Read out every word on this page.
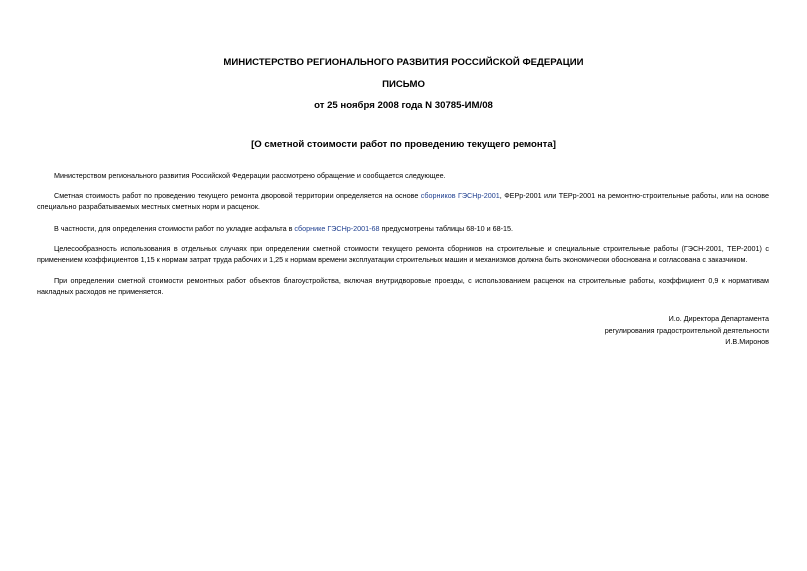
МИНИСТЕРСТВО РЕГИОНАЛЬНОГО РАЗВИТИЯ РОССИЙСКОЙ ФЕДЕРАЦИИ
ПИСЬМО
от 25 ноября 2008 года N 30785-ИМ/08
[О сметной стоимости работ по проведению текущего ремонта]

Министерством регионального развития Российской Федерации рассмотрено обращение и сообщается следующее.

Сметная стоимость работ по проведению текущего ремонта дворовой территории определяется на основе сборников ГЭСНр-2001, ФЕРр-2001 или ТЕРр-2001 на ремонтно-строительные работы, или на основе специально разрабатываемых местных сметных норм и расценок.

В частности, для определения стоимости работ по укладке асфальта в сборнике ГЭСНр-2001-68 предусмотрены таблицы 68-10 и 68-15.

Целесообразность использования в отдельных случаях при определении сметной стоимости текущего ремонта сборников на строительные и специальные строительные работы (ГЭСН-2001, ТЕР-2001) с применением коэффициентов 1,15 к нормам затрат труда рабочих и 1,25 к нормам времени эксплуатации строительных машин и механизмов должна быть экономически обоснована и согласована с заказчиком.

При определении сметной стоимости ремонтных работ объектов благоустройства, включая внутридворовые проезды, с использованием расценок на строительные работы, коэффициент 0,9 к нормативам накладных расходов не применяется.

И.о. Директора Департамента
регулирования градостроительной деятельности
И.В.Миронов
